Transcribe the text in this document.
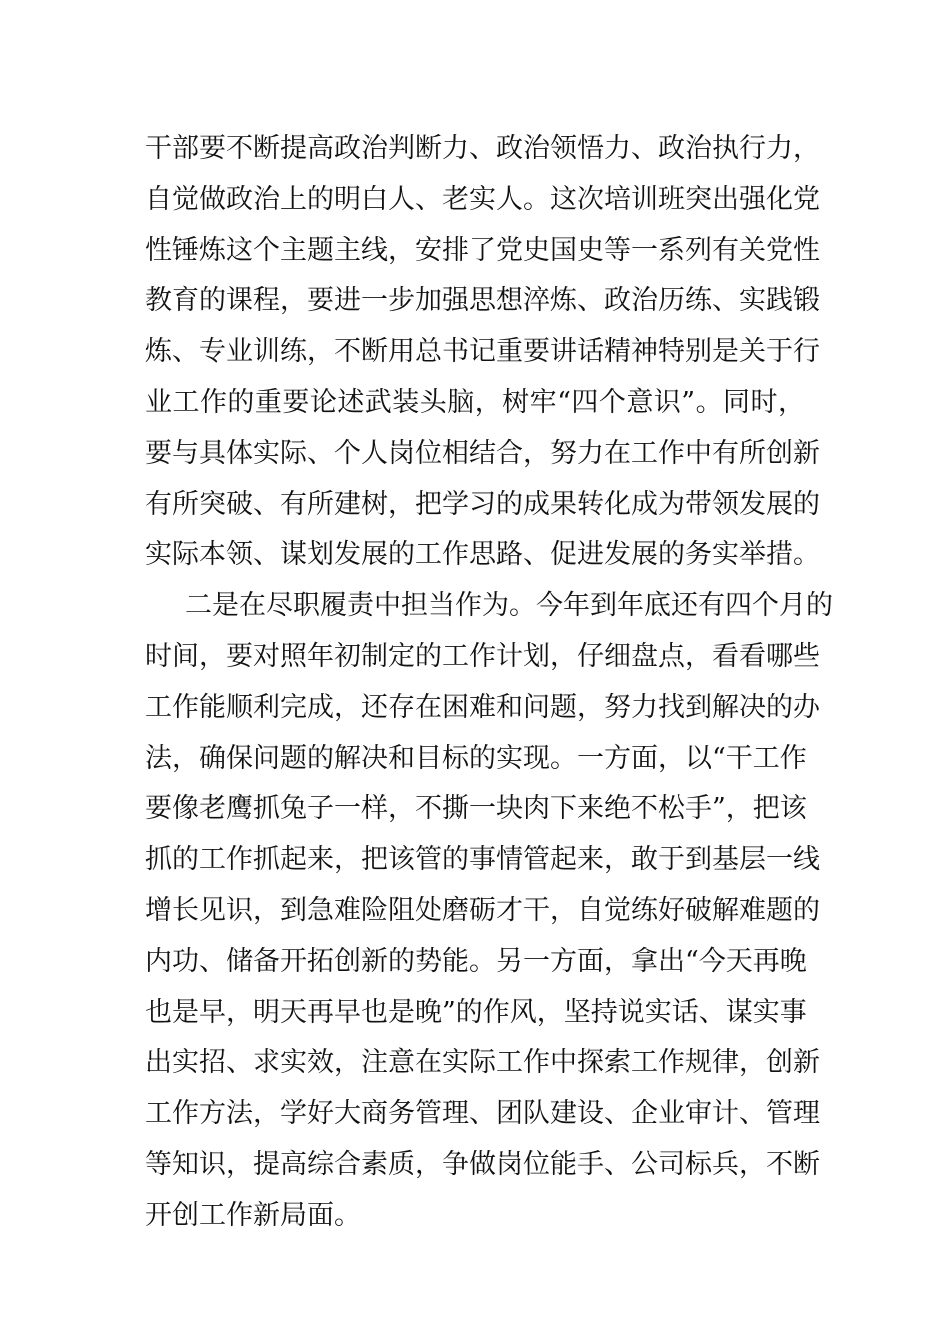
干部要不断提高政治判断力、政治领悟力、政治执行力，
自觉做政治上的明白人、老实人。这次培训班突出强化党
性锤炼这个主题主线，安排了党史国史等一系列有关党性
教育的课程，要进一步加强思想淬炼、政治历练、实践锻
炼、专业训练，不断用总书记重要讲话精神特别是关于行
业工作的重要论述武装头脑，树牢“四个意识”。同时，
要与具体实际、个人岗位相结合，努力在工作中有所创新
有所突破、有所建树，把学习的成果转化成为带领发展的
实际本领、谋划发展的工作思路、促进发展的务实举措。
二是在尽职履责中担当作为。今年到年底还有四个月的
时间，要对照年初制定的工作计划，仔细盘点，看看哪些
工作能顺利完成，还存在困难和问题，努力找到解决的办
法，确保问题的解决和目标的实现。一方面，以“干工作
要像老鹰抓兔子一样，不撕一块肉下来绝不松手”，把该
抓的工作抓起来，把该管的事情管起来，敢于到基层一线
增长见识，到急难险阻处磨砺才干，自觉练好破解难题的
内功、储备开拓创新的势能。另一方面，拿出“今天再晚
也是早，明天再早也是晚”的作风，坚持说实话、谋实事
出实招、求实效，注意在实际工作中探索工作规律，创新
工作方法，学好大商务管理、团队建设、企业审计、管理
等知识，提高综合素质，争做岗位能手、公司标兵，不断
开创工作新局面。
